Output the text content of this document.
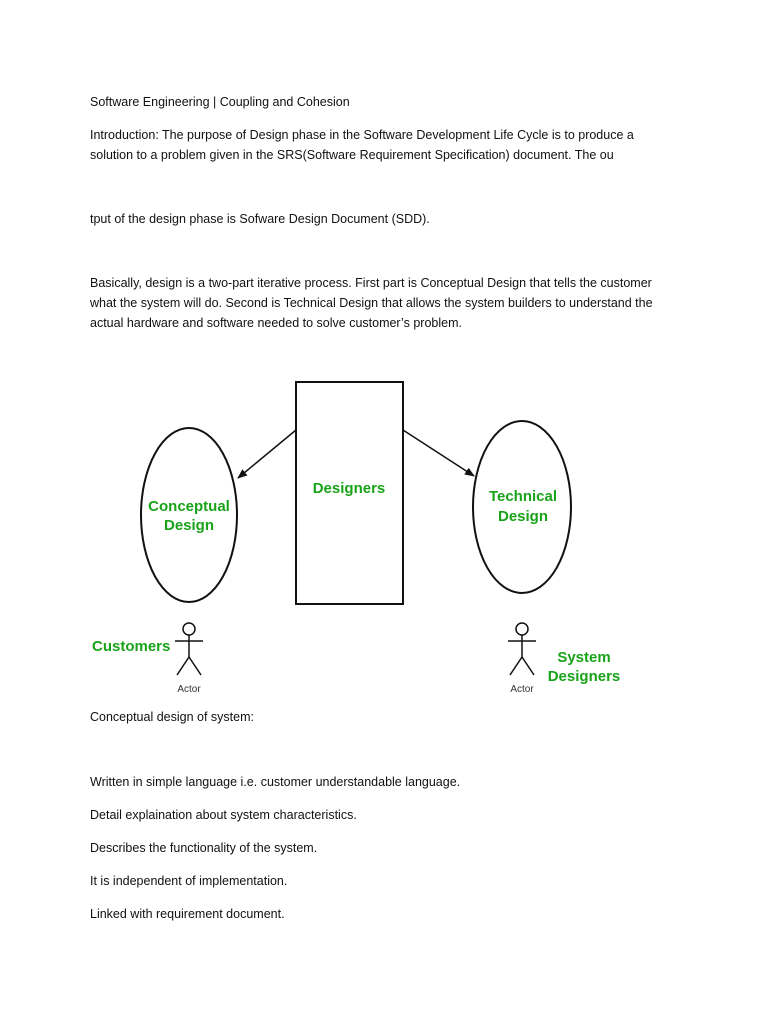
Software Engineering | Coupling and Cohesion

Introduction: The purpose of Design phase in the Software Development Life Cycle is to produce a

solution to a problem given in the SRS(Software Requirement Specification) document. The ou

tput of the design phase is Sofware Design Document (SDD).

Basically, design is a two-part iterative process. First part is Conceptual Design that tells the customer

what the system will do. Second is Technical Design that allows the system builders to understand the

actual hardware and software needed to solve customer’s problem.

Designers
Conceptual
Design
Technical
Design
Customers
Actor
System
Designers
Actor

Conceptual design of system:

Written in simple language i.e. customer understandable language.

Detail explaination about system characteristics.

Describes the functionality of the system.

It is independent of implementation.

Linked with requirement document.
